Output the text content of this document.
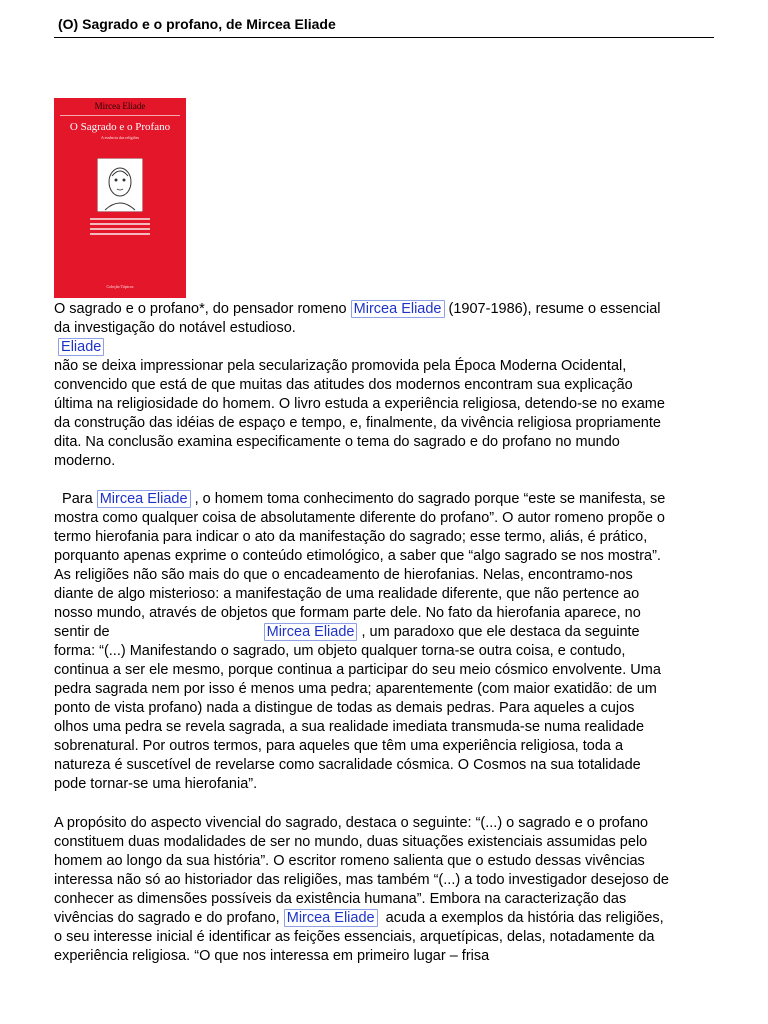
(O) Sagrado e o profano, de Mircea Eliade
Mircea Eliade
O Sagrado e o Profano
A essência das religiões
Coleção Tópicos
O sagrado e o profano*, do pensador romeno Mircea Eliade (1907-1986), resume o essencial
da investigação do notável estudioso.
Eliade
não se deixa impressionar pela secularização promovida pela Época Moderna Ocidental,
convencido que está de que muitas das atitudes dos modernos encontram sua explicação
última na religiosidade do homem. O livro estuda a experiência religiosa, detendo-se no exame
da construção das idéias de espaço e tempo, e, finalmente, da vivência religiosa propriamente
dita. Na conclusão examina especificamente o tema do sagrado e do profano no mundo
moderno.
Para Mircea Eliade , o homem toma conhecimento do sagrado porque “este se manifesta, se
mostra como qualquer coisa de absolutamente diferente do profano”. O autor romeno propõe o
termo hierofania para indicar o ato da manifestação do sagrado; esse termo, aliás, é prático,
porquanto apenas exprime o conteúdo etimológico, a saber que “algo sagrado se nos mostra”.
As religiões não são mais do que o encadeamento de hierofanias. Nelas, encontramo-nos
diante de algo misterioso: a manifestação de uma realidade diferente, que não pertence ao
nosso mundo, através de objetos que formam parte dele. No fato da hierofania aparece, no
sentir de	Mircea Eliade , um paradoxo que ele destaca da seguinte
forma: “(...) Manifestando o sagrado, um objeto qualquer torna-se outra coisa, e contudo,
continua a ser ele mesmo, porque continua a participar do seu meio cósmico envolvente. Uma
pedra sagrada nem por isso é menos uma pedra; aparentemente (com maior exatidão: de um
ponto de vista profano) nada a distingue de todas as demais pedras. Para aqueles a cujos
olhos uma pedra se revela sagrada, a sua realidade imediata transmuda-se numa realidade
sobrenatural. Por outros termos, para aqueles que têm uma experiência religiosa, toda a
natureza é suscetível de revelarse como sacralidade cósmica. O Cosmos na sua totalidade
pode tornar-se uma hierofania”.
A propósito do aspecto vivencial do sagrado, destaca o seguinte: “(...) o sagrado e o profano
constituem duas modalidades de ser no mundo, duas situações existenciais assumidas pelo
homem ao longo da sua história”. O escritor romeno salienta que o estudo dessas vivências
interessa não só ao historiador das religiões, mas também “(...) a todo investigador desejoso de
conhecer as dimensões possíveis da existência humana”. Embora na caracterização das
vivências do sagrado e do profano, Mircea Eliade  acuda a exemplos da história das religiões,
o seu interesse inicial é identificar as feições essenciais, arquetípicas, delas, notadamente da
experiência religiosa. “O que nos interessa em primeiro lugar – frisa
